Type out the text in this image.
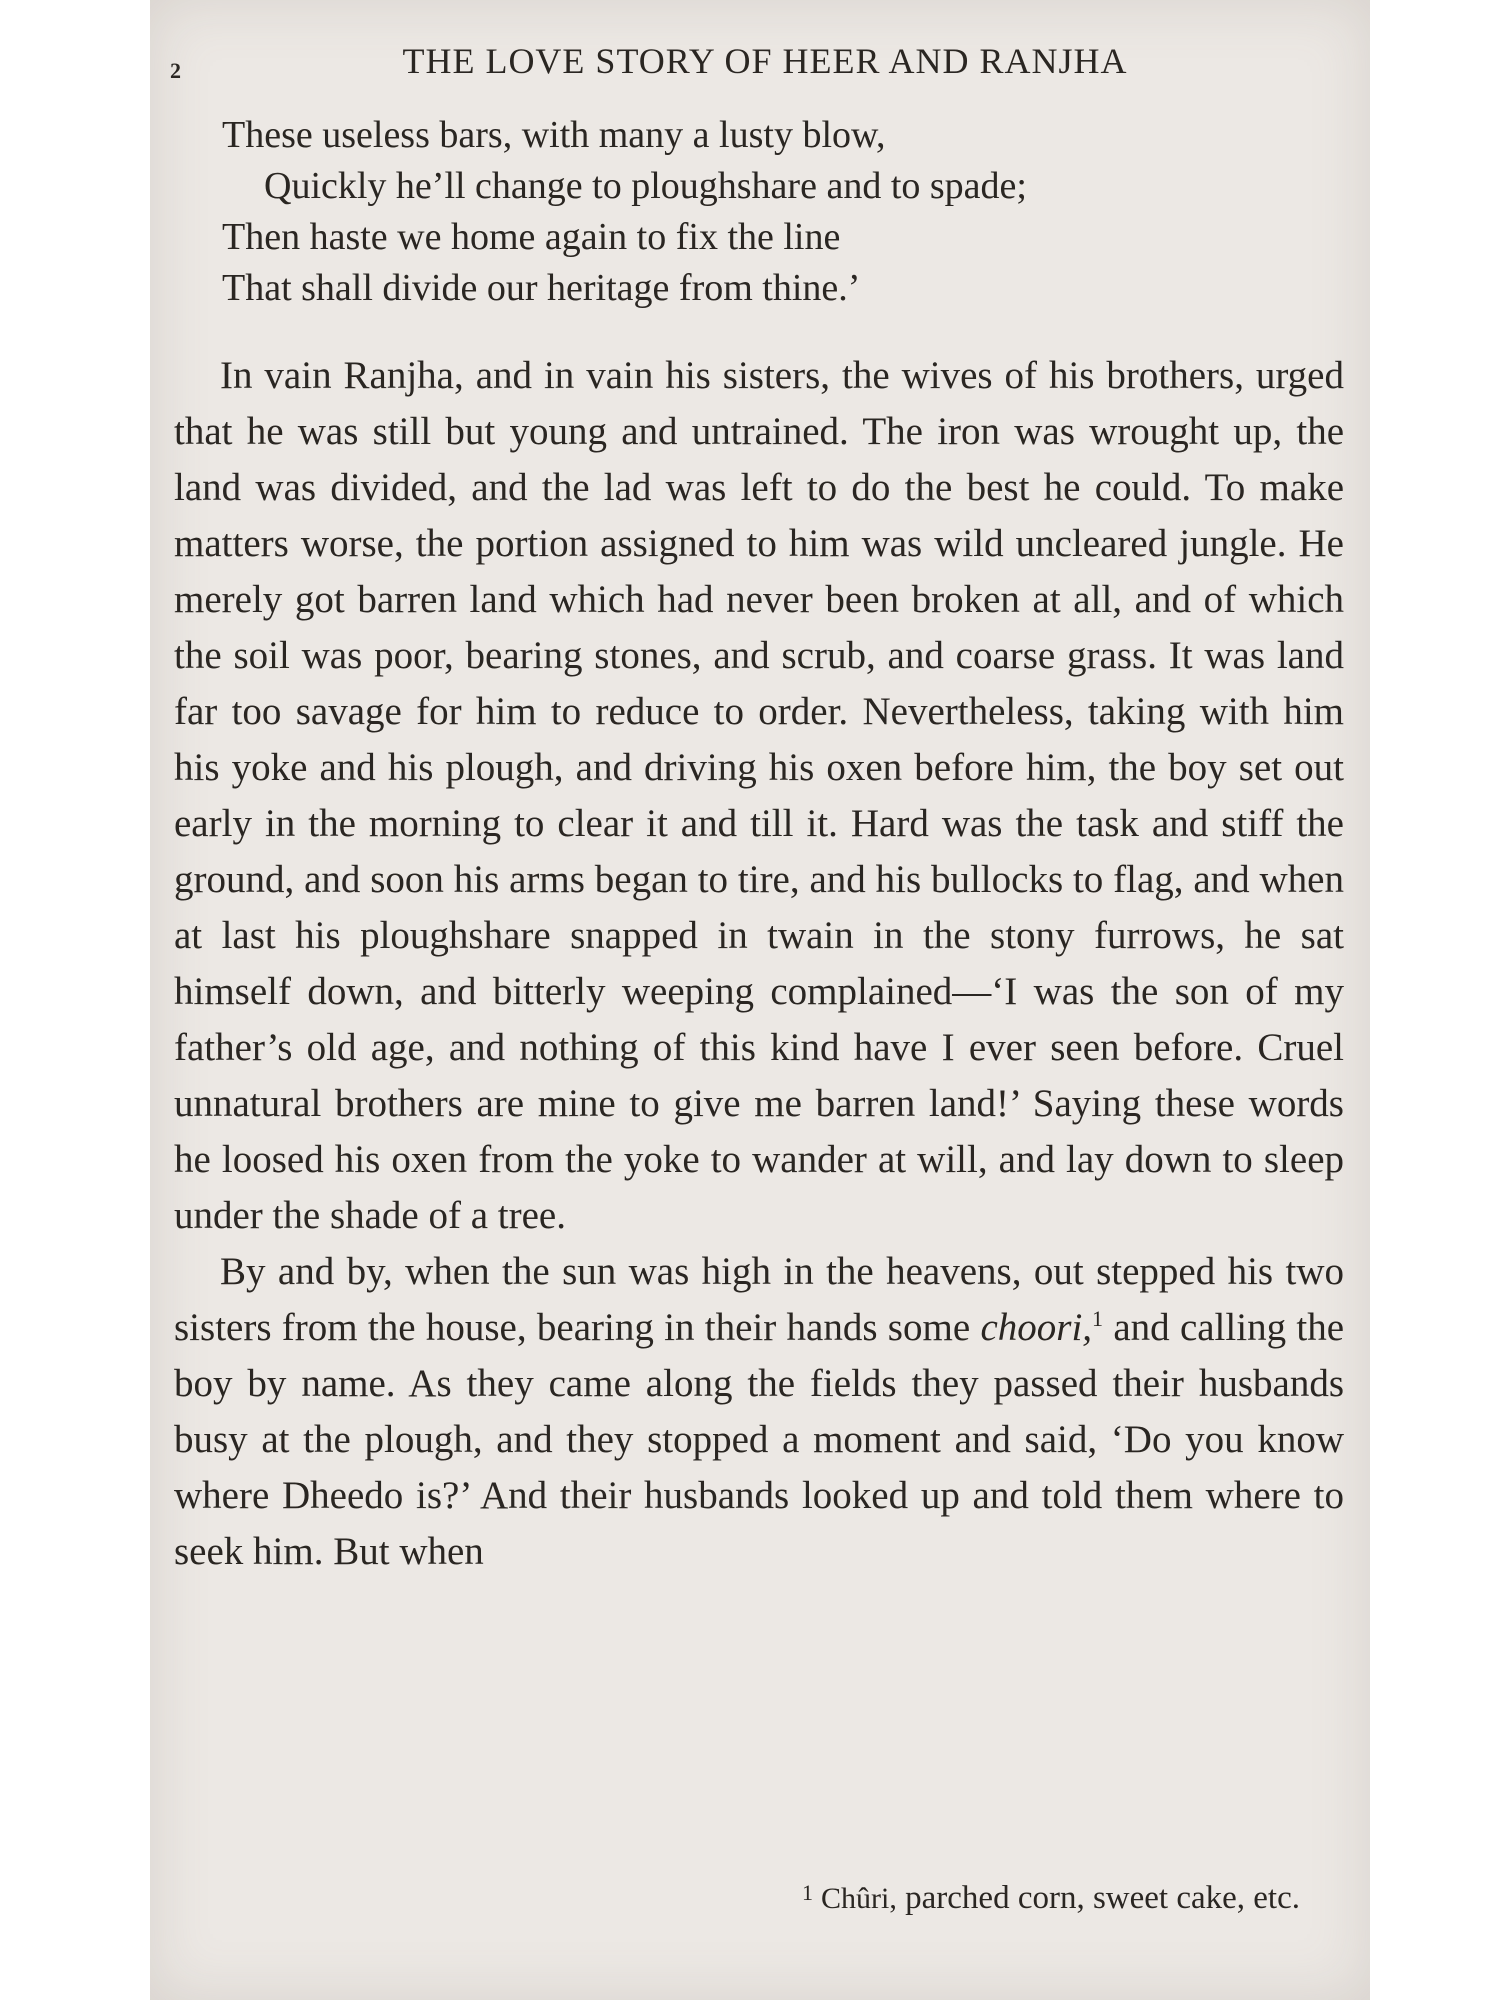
2	THE LOVE STORY OF HEER AND RANJHA
These useless bars, with many a lusty blow,
Quickly he’ll change to ploughshare and to spade;
Then haste we home again to fix the line
That shall divide our heritage from thine.’

In vain Ranjha, and in vain his sisters, the wives of his brothers, urged that he was still but young and untrained. The iron was wrought up, the land was divided, and the lad was left to do the best he could. To make matters worse, the portion assigned to him was wild uncleared jungle. He merely got barren land which had never been broken at all, and of which the soil was poor, bearing stones, and scrub, and coarse grass. It was land far too savage for him to reduce to order. Nevertheless, taking with him his yoke and his plough, and driving his oxen before him, the boy set out early in the morning to clear it and till it. Hard was the task and stiff the ground, and soon his arms began to tire, and his bullocks to flag, and when at last his ploughshare snapped in twain in the stony furrows, he sat himself down, and bitterly weeping complained—‘I was the son of my father’s old age, and nothing of this kind have I ever seen before. Cruel unnatural brothers are mine to give me barren land!’ Saying these words he loosed his oxen from the yoke to wander at will, and lay down to sleep under the shade of a tree.

By and by, when the sun was high in the heavens, out stepped his two sisters from the house, bearing in their hands some choori,$^1$ and calling the boy by name. As they came along the fields they passed their husbands busy at the plough, and they stopped a moment and said, ‘Do you know where Dheedo is?’ And their husbands looked up and told them where to seek him. But when

$^1$ Chûri, parched corn, sweet cake, etc.
